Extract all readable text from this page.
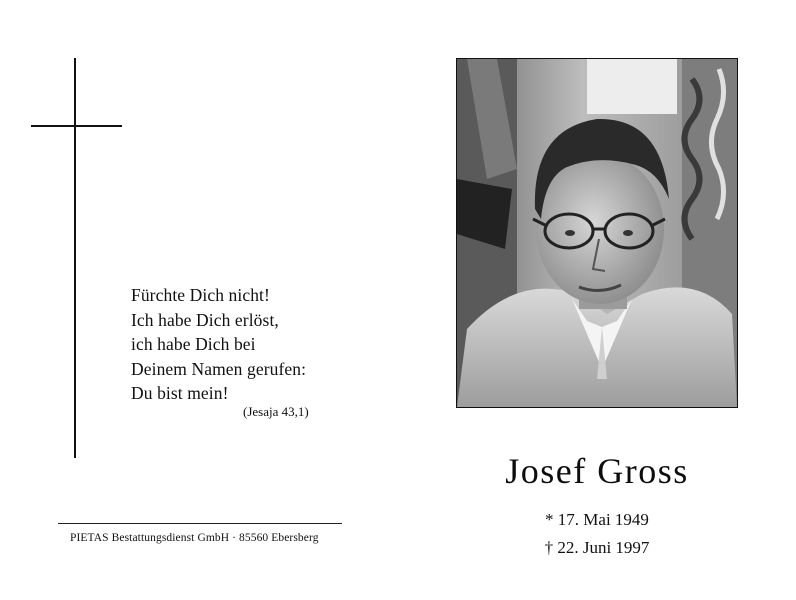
Fürchte Dich nicht!
Ich habe Dich erlöst,
ich habe Dich bei
Deinem Namen gerufen:
Du bist mein!
(Jesaja 43,1)
PIETAS Bestattungsdienst GmbH · 85560 Ebersberg
Josef Gross
* 17. Mai 1949
† 22. Juni 1997
